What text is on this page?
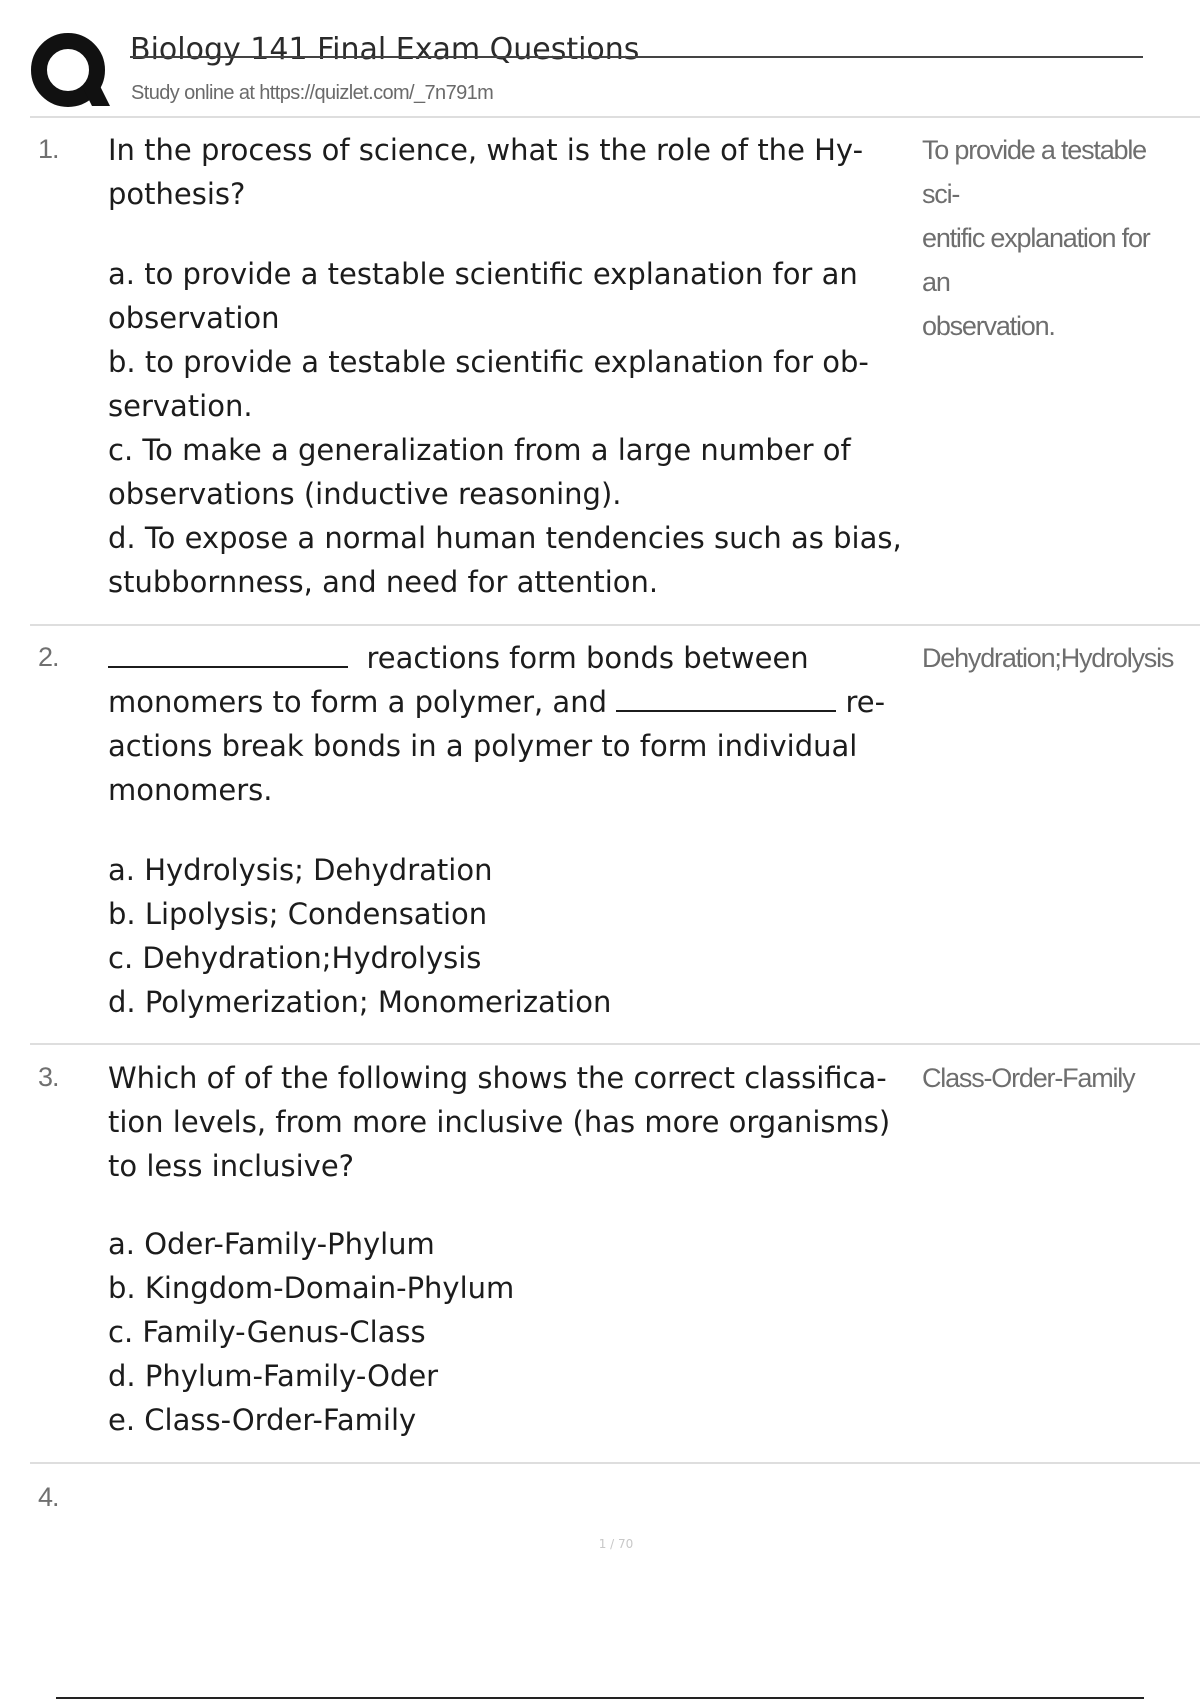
Biology 141 Final Exam Questions
Study online at https://quizlet.com/_7n791m
1. In the process of science, what is the role of the Hy-

pothesis?

a. to provide a testable scientific explanation for an
observation
b. to provide a testable scientific explanation for ob-
servation.
c. To make a generalization from a large number of
observations (inductive reasoning).
d. To expose a normal human tendencies such as bias,
stubbornness, and need for attention.
To provide a testable sci-
entific explanation for an
observation.
2.	reactions form bonds between

monomers to form a polymer, and	re-

actions break bonds in a polymer to form individual

monomers.

a. Hydrolysis; Dehydration
b. Lipolysis; Condensation
c. Dehydration;Hydrolysis
d. Polymerization; Monomerization
Dehydration;Hydrolysis
3. Which of of the following shows the correct classifica-

tion levels, from more inclusive (has more organisms)

to less inclusive?

a. Oder-Family-Phylum
b. Kingdom-Domain-Phylum
c. Family-Genus-Class
d. Phylum-Family-Oder
e. Class-Order-Family
Class-Order-Family
4.
1 / 70
